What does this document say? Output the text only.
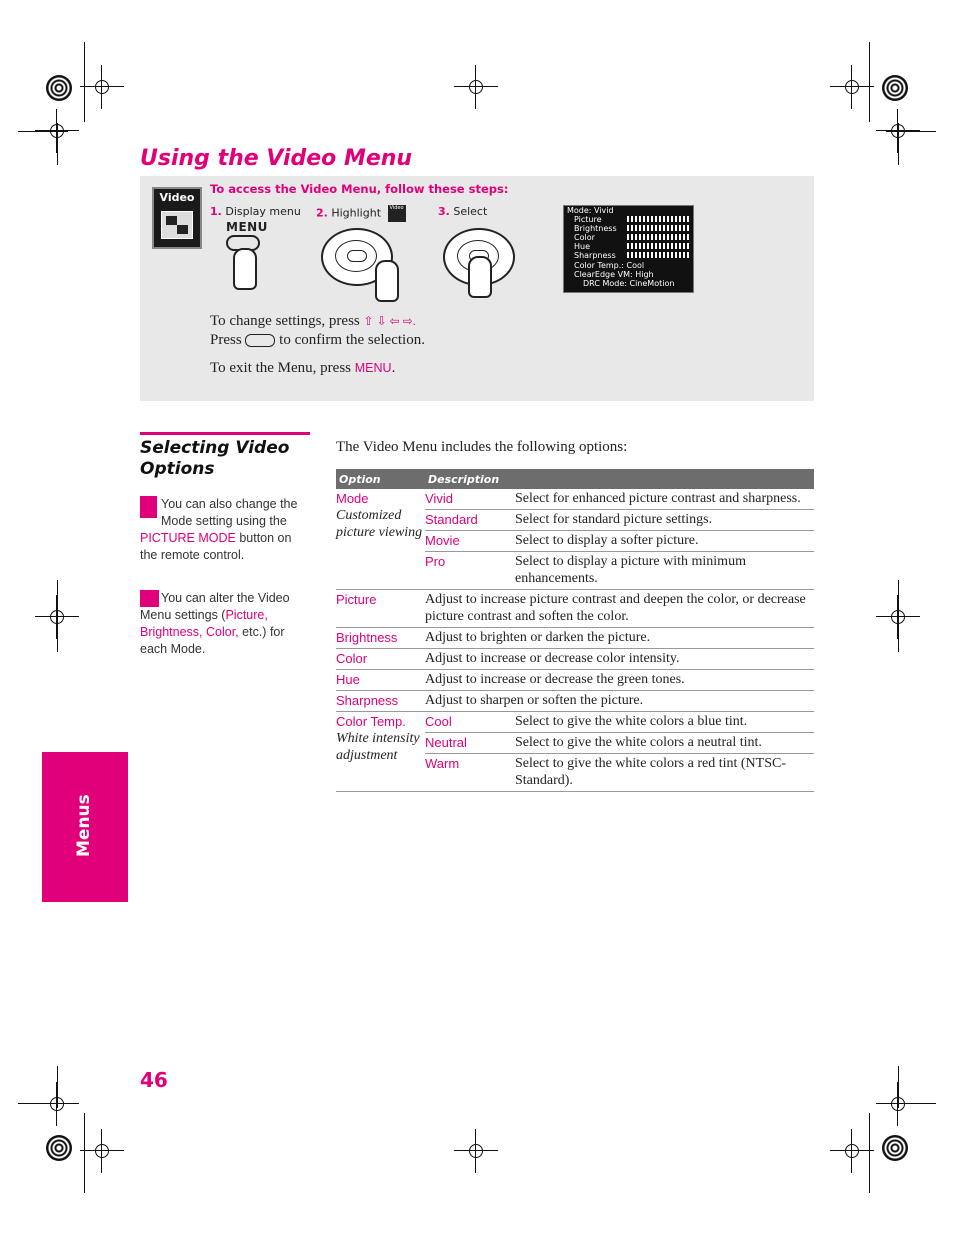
Using the Video Menu
Video
To access the Video Menu, follow these steps:
1. Display menu
MENU
2. Highlight Video	3. Select	Mode: Vivid
Picture
Brightness
Color
Hue
Sharpness
Color Temp.: Cool
ClearEdge VM: High
DRC Mode: CineMotion
To change settings, press ⇧ ⇩ ⇦ ⇨.
Press	to confirm the selection.
To exit the Menu, press MENU.
Selecting Video Options
You can also change the Mode setting using the PICTURE MODE button on the remote control.
You can alter the Video Menu settings (Picture, Brightness, Color, etc.) for each Mode.
The Video Menu includes the following options:
Option	Description	

Mode
Customized picture viewing	Vivid	Select for enhanced picture contrast and sharpness.
	Standard	Select for standard picture settings.
	Movie	Select to display a softer picture.
	Pro	Select to display a picture with minimum enhancements.
Picture	Adjust to increase picture contrast and deepen the color, or decrease picture contrast and soften the color.	
Brightness	Adjust to brighten or darken the picture.	
Color	Adjust to increase or decrease color intensity.	
Hue	Adjust to increase or decrease the green tones.	
Sharpness	Adjust to sharpen or soften the picture.	

Color Temp.
White intensity adjustment	Cool	Select to give the white colors a blue tint.
	Neutral	Select to give the white colors a neutral tint.
	Warm	Select to give the white colors a red tint (NTSC-Standard).
Menus
46
